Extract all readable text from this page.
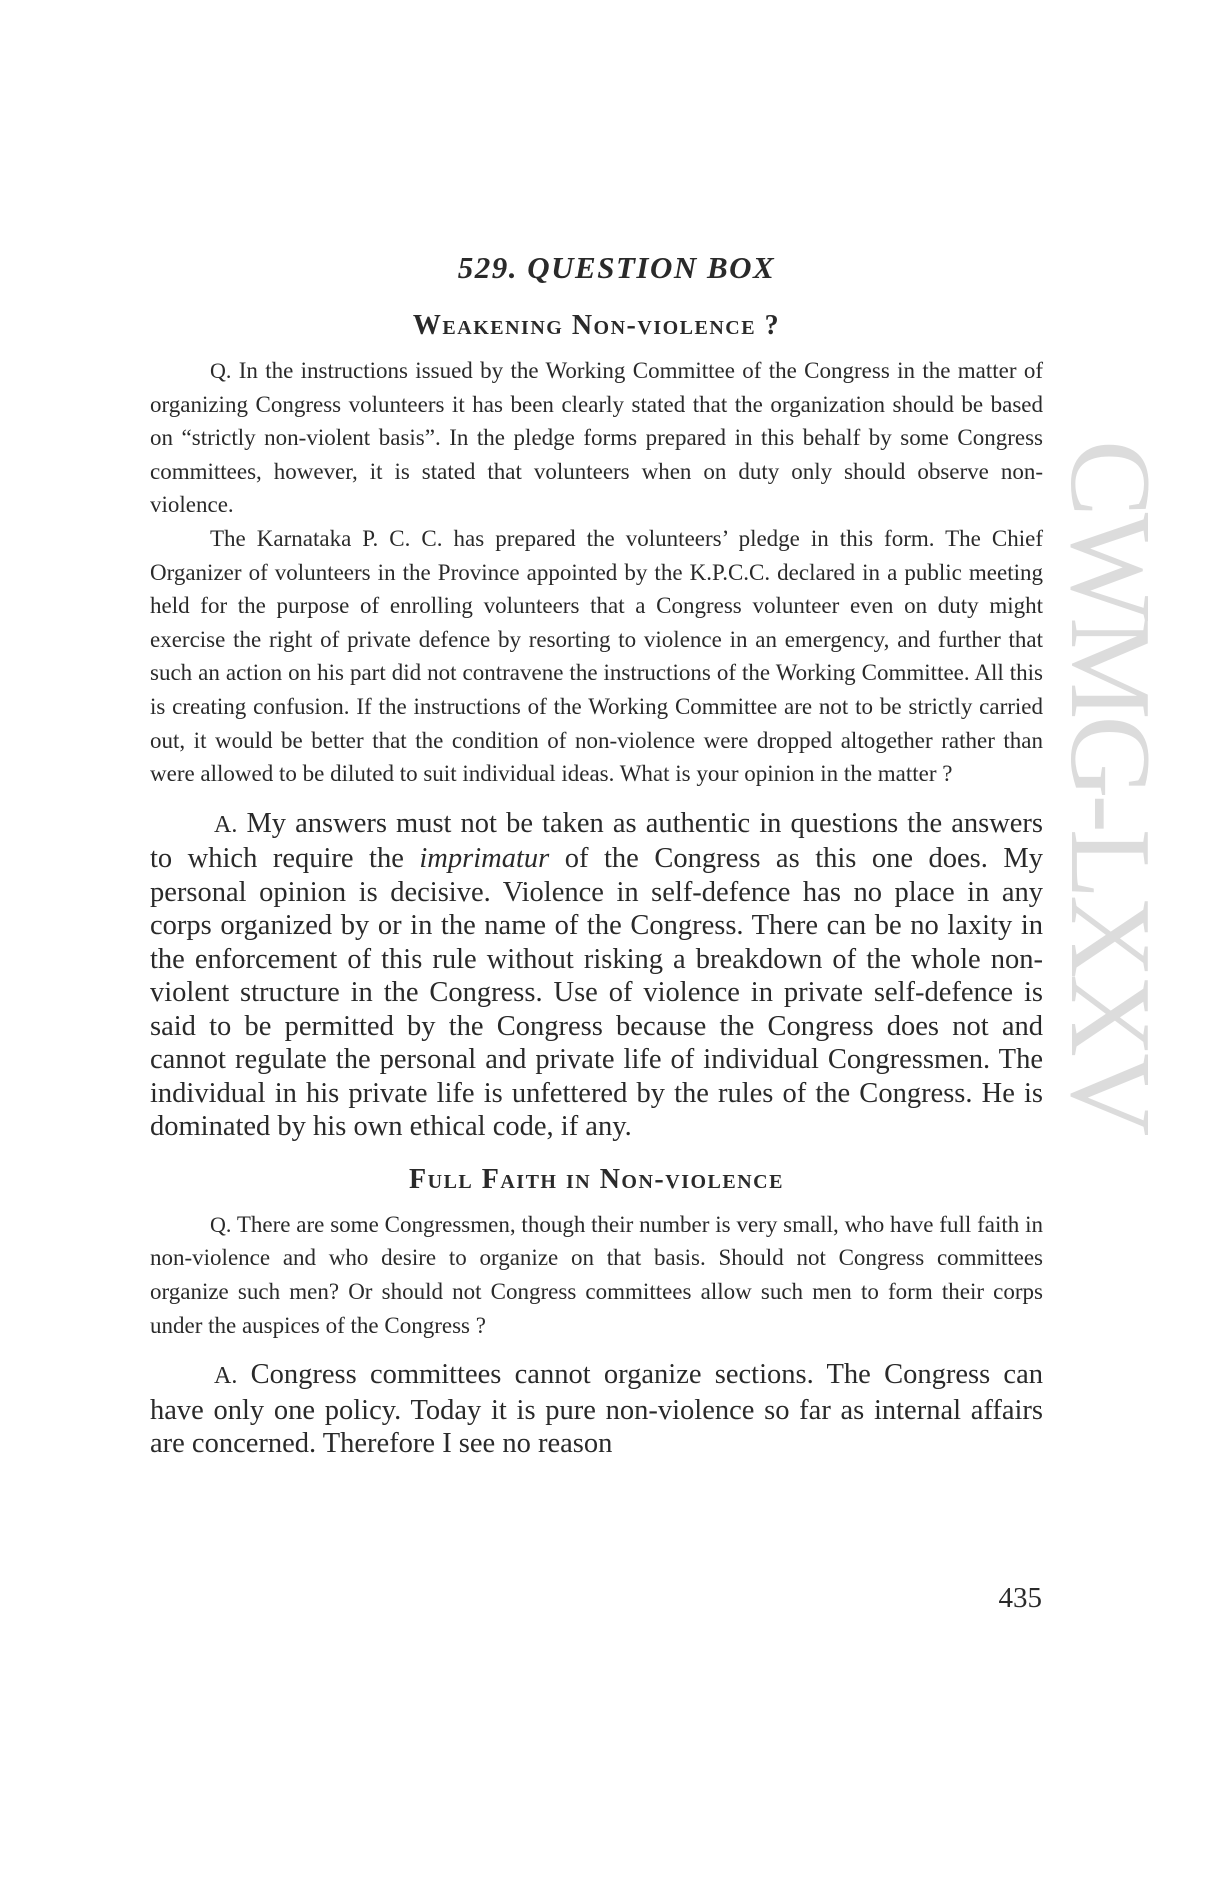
CWMG-LXXV
529. QUESTION BOX
Weakening Non-violence ?

Q. In the instructions issued by the Working Committee of the Congress in the matter of organizing Congress volunteers it has been clearly stated that the organization should be based on “strictly non-violent basis”. In the pledge forms prepared in this behalf by some Congress committees, however, it is stated that volunteers when on duty only should observe non-violence.
The Karnataka P. C. C. has prepared the volunteers’ pledge in this form. The Chief Organizer of volunteers in the Province appointed by the K.P.C.C. declared in a public meeting held for the purpose of enrolling volunteers that a Congress volunteer even on duty might exercise the right of private defence by resorting to violence in an emergency, and further that such an action on his part did not contravene the instructions of the Working Committee. All this is creating confusion. If the instructions of the Working Committee are not to be strictly carried out, it would be better that the condition of non-violence were dropped altogether rather than were allowed to be diluted to suit individual ideas. What is your opinion in the matter ?

A. My answers must not be taken as authentic in questions the answers to which require the imprimatur of the Congress as this one does. My personal opinion is decisive. Violence in self-defence has no place in any corps organized by or in the name of the Congress. There can be no laxity in the enforcement of this rule without risking a breakdown of the whole non-violent structure in the Congress. Use of violence in private self-defence is said to be permitted by the Congress because the Congress does not and cannot regulate the personal and private life of individual Congressmen. The individual in his private life is unfettered by the rules of the Congress. He is dominated by his own ethical code, if any.

Full Faith in Non-violence

Q. There are some Congressmen, though their number is very small, who have full faith in non-violence and who desire to organize on that basis. Should not Congress committees organize such men? Or should not Congress committees allow such men to form their corps under the auspices of the Congress ?

A. Congress committees cannot organize sections. The Congress can have only one policy. Today it is pure non-violence so far as internal affairs are concerned. Therefore I see no reason

435
